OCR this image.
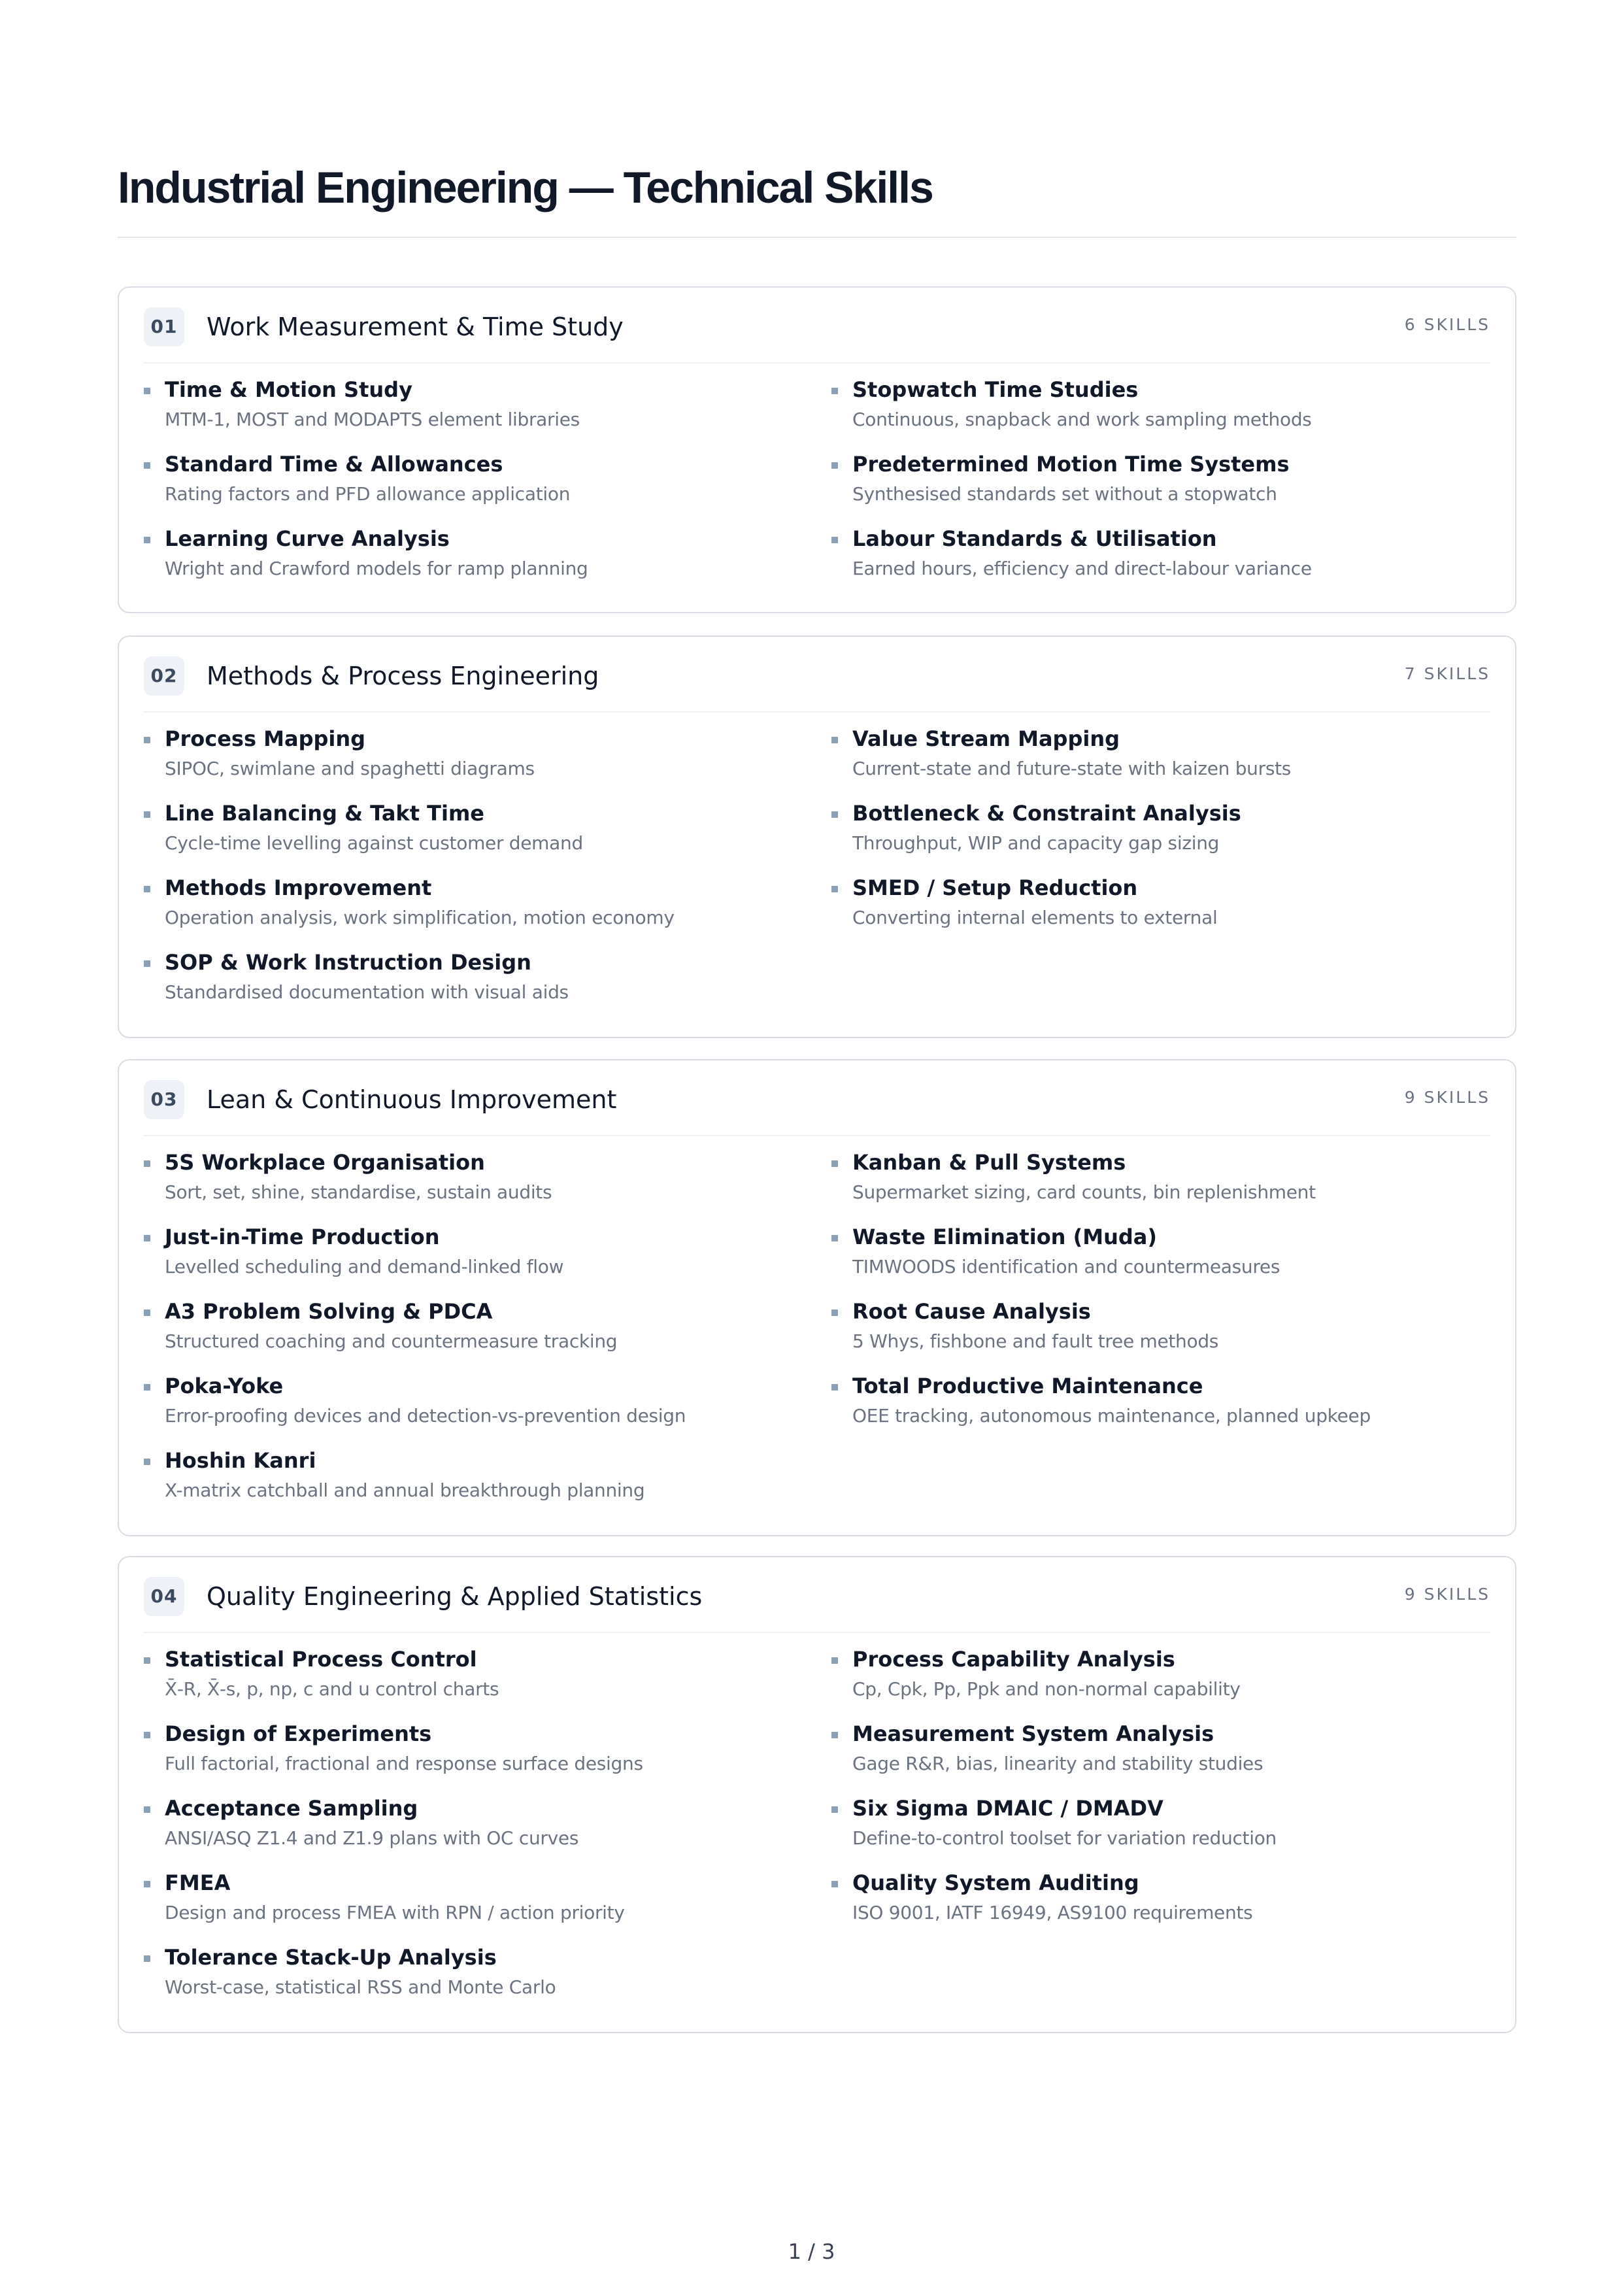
Industrial Engineering — Technical Skills
01 Work Measurement & Time Study	6 SKILLS
Time & Motion Study
MTM-1, MOST and MODAPTS element libraries
Stopwatch Time Studies
Continuous, snapback and work sampling methods
Standard Time & Allowances
Rating factors and PFD allowance application
Predetermined Motion Time Systems
Synthesised standards set without a stopwatch
Learning Curve Analysis
Wright and Crawford models for ramp planning
Labour Standards & Utilisation
Earned hours, efficiency and direct-labour variance
02 Methods & Process Engineering	7 SKILLS
Process Mapping
SIPOC, swimlane and spaghetti diagrams
Value Stream Mapping
Current-state and future-state with kaizen bursts
Line Balancing & Takt Time
Cycle-time levelling against customer demand
Bottleneck & Constraint Analysis
Throughput, WIP and capacity gap sizing
Methods Improvement
Operation analysis, work simplification, motion economy
SMED / Setup Reduction
Converting internal elements to external
SOP & Work Instruction Design
Standardised documentation with visual aids
03 Lean & Continuous Improvement	9 SKILLS
5S Workplace Organisation
Sort, set, shine, standardise, sustain audits
Kanban & Pull Systems
Supermarket sizing, card counts, bin replenishment
Just-in-Time Production
Levelled scheduling and demand-linked flow
Waste Elimination (Muda)
TIMWOODS identification and countermeasures
A3 Problem Solving & PDCA
Structured coaching and countermeasure tracking
Root Cause Analysis
5 Whys, fishbone and fault tree methods
Poka-Yoke
Error-proofing devices and detection-vs-prevention design
Total Productive Maintenance
OEE tracking, autonomous maintenance, planned upkeep
Hoshin Kanri
X-matrix catchball and annual breakthrough planning
04 Quality Engineering & Applied Statistics	9 SKILLS
Statistical Process Control
X̄-R, X̄-s, p, np, c and u control charts
Process Capability Analysis
Cp, Cpk, Pp, Ppk and non-normal capability
Design of Experiments
Full factorial, fractional and response surface designs
Measurement System Analysis
Gage R&R, bias, linearity and stability studies
Acceptance Sampling
ANSI/ASQ Z1.4 and Z1.9 plans with OC curves
Six Sigma DMAIC / DMADV
Define-to-control toolset for variation reduction
FMEA
Design and process FMEA with RPN / action priority
Quality System Auditing
ISO 9001, IATF 16949, AS9100 requirements
Tolerance Stack-Up Analysis
Worst-case, statistical RSS and Monte Carlo
1 / 3
